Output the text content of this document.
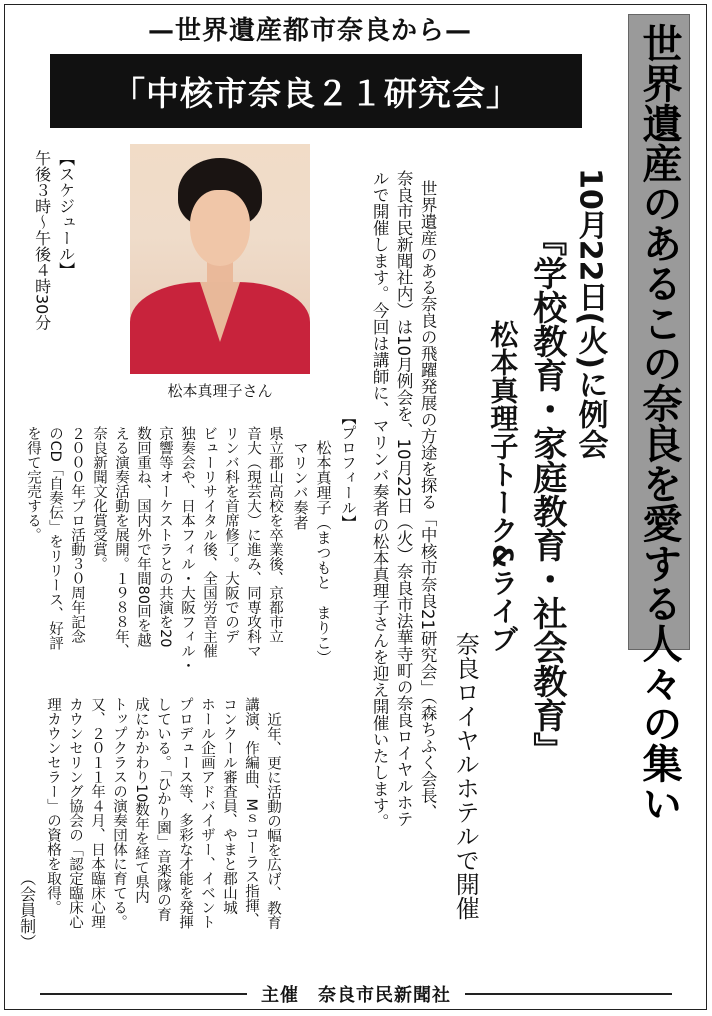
—世界遺産都市奈良から—
「中核市奈良２１研究会」	世界遺産のあるこの奈良を愛する人々の集い
10月22日(火)に例会
『学校教育・家庭教育・社会教育』
松本真理子トーク&ライブ
奈良ロイヤルホテルで開催
世界遺産のある奈良の飛躍発展の方途を探る「中核市奈良21研究会」（森ちふく会長、
奈良市民新聞社内）は10月例会を、10月22日（火）奈良市法華寺町の奈良ロイヤルホテ
ルで開催します。今回は講師に、マリンバ奏者の松本真理子さんを迎え開催いたします。
松本真理子さん
【スケジュール】
午後３時～午後４時30分
【プロフィール】
松本真理子（まつもと　まりこ）
マリンバ奏者
県立郡山高校を卒業後、京都市立
音大（現芸大）に進み、同専攻科マ
リンバ科を首席修了。大阪でのデ
ビューリサイタル後、全国労音主催
独奏会や、日本フィル・大阪フィル・
京響等オーケストラとの共演を20
数回重ね、国内外で年間80回を越
える演奏活動を展開。１９８８年、
奈良新聞文化賞受賞。
２０００年プロ活動３０周年記念
のCD「自奏伝」をリリース、好評
を得て完売する。
近年、更に活動の幅を広げ、教育
講演、作編曲、Mｓコーラス指揮、
コンクール審査員、やまと郡山城
ホール企画アドバイザー、イベント
プロデュース等、多彩な才能を発揮
している。「ひかり園」音楽隊の育
成にかかわり10数年を経て県内
トップクラスの演奏団体に育てる。
又、２０１１年４月、日本臨床心理
カウンセリング協会の「認定臨床心
理カウンセラー」の資格を取得。
（会員制）
主催　奈良市民新聞社
